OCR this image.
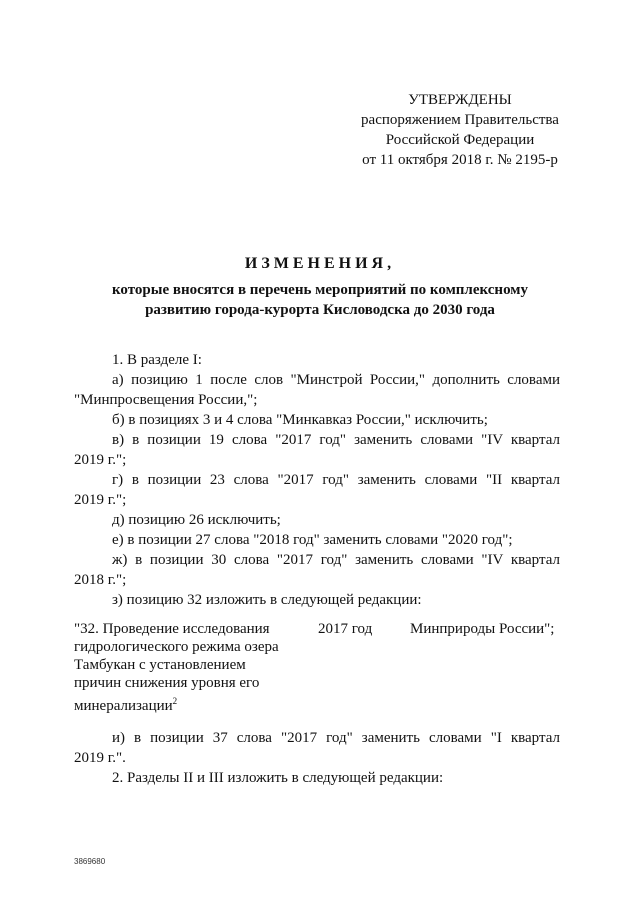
УТВЕРЖДЕНЫ
распоряжением Правительства
Российской Федерации
от 11 октября 2018 г. № 2195-р
ИЗМЕНЕНИЯ,
которые вносятся в перечень мероприятий по комплексному
развитию города-курорта Кисловодска до 2030 года

1. В разделе I:

а) позицию 1 после слов "Минстрой России," дополнить словами

"Минпросвещения России,";

б) в позициях 3 и 4 слова "Минкавказ России," исключить;

в) в позиции 19 слова "2017 год" заменить словами "IV квартал

2019 г.";

г) в позиции 23 слова "2017 год" заменить словами "II квартал

2019 г.";

д) позицию 26 исключить;

е) в позиции 27 слова "2018 год" заменить словами "2020 год";

ж) в позиции 30 слова "2017 год" заменить словами "IV квартал

2018 г.";

з) позицию 32 изложить в следующей редакции:

"32. Проведение исследования
гидрологического режима озера
Тамбукан с установлением
причин снижения уровня его
минерализации$^2$
2017 год	Минприроды России";

и) в позиции 37 слова "2017 год" заменить словами "I квартал

2019 г.".

2. Разделы II и III изложить в следующей редакции:

3869680
